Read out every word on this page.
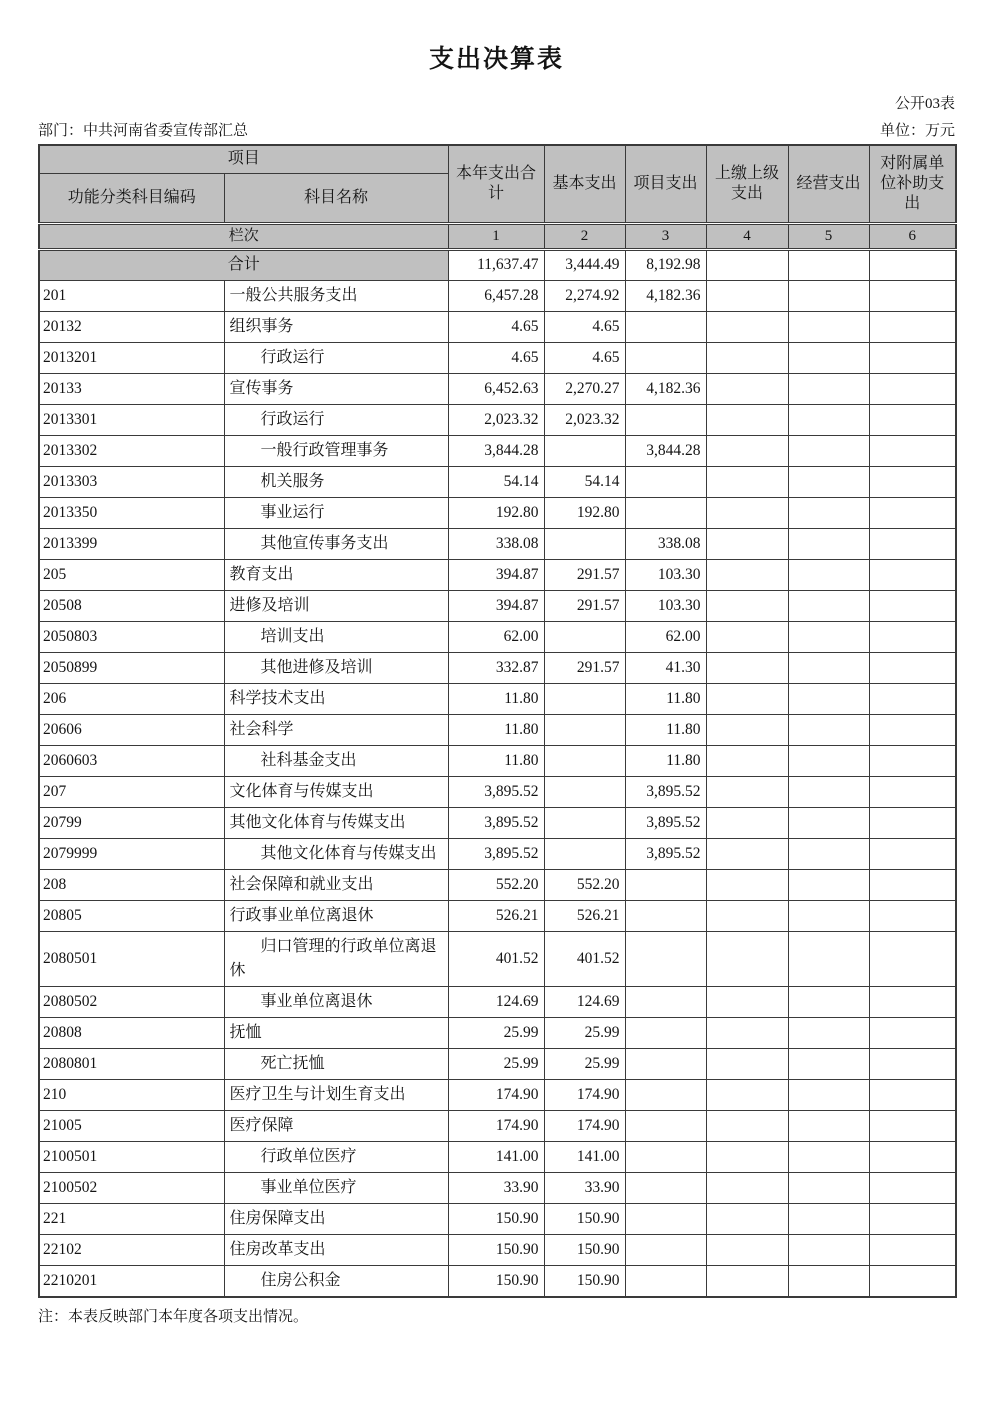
支出决算表
公开03表
部门：中共河南省委宣传部汇总	单位：万元
项目		本年支出合计	基本支出	项目支出	上缴上级支出	经营支出	对附属单位补助支出
功能分类科目编码	科目名称						
栏次		1	2	3	4	5	6
合计		11,637.47	3,444.49	8,192.98			
201	一般公共服务支出	6,457.28	2,274.92	4,182.36			
20132	组织事务	4.65	4.65				
2013201	行政运行	4.65	4.65				
20133	宣传事务	6,452.63	2,270.27	4,182.36			
2013301	行政运行	2,023.32	2,023.32				
2013302	一般行政管理事务	3,844.28		3,844.28			
2013303	机关服务	54.14	54.14				
2013350	事业运行	192.80	192.80				
2013399	其他宣传事务支出	338.08		338.08			
205	教育支出	394.87	291.57	103.30			
20508	进修及培训	394.87	291.57	103.30			
2050803	培训支出	62.00		62.00			
2050899	其他进修及培训	332.87	291.57	41.30			
206	科学技术支出	11.80		11.80			
20606	社会科学	11.80		11.80			
2060603	社科基金支出	11.80		11.80			
207	文化体育与传媒支出	3,895.52		3,895.52			
20799	其他文化体育与传媒支出	3,895.52		3,895.52			
2079999	其他文化体育与传媒支出	3,895.52		3,895.52			
208	社会保障和就业支出	552.20	552.20				
20805	行政事业单位离退休	526.21	526.21				
2080501	归口管理的行政单位离退休	401.52	401.52				
2080502	事业单位离退休	124.69	124.69				
20808	抚恤	25.99	25.99				
2080801	死亡抚恤	25.99	25.99				
210	医疗卫生与计划生育支出	174.90	174.90				
21005	医疗保障	174.90	174.90				
2100501	行政单位医疗	141.00	141.00				
2100502	事业单位医疗	33.90	33.90				
221	住房保障支出	150.90	150.90				
22102	住房改革支出	150.90	150.90				
2210201	住房公积金	150.90	150.90				
注：本表反映部门本年度各项支出情况。
